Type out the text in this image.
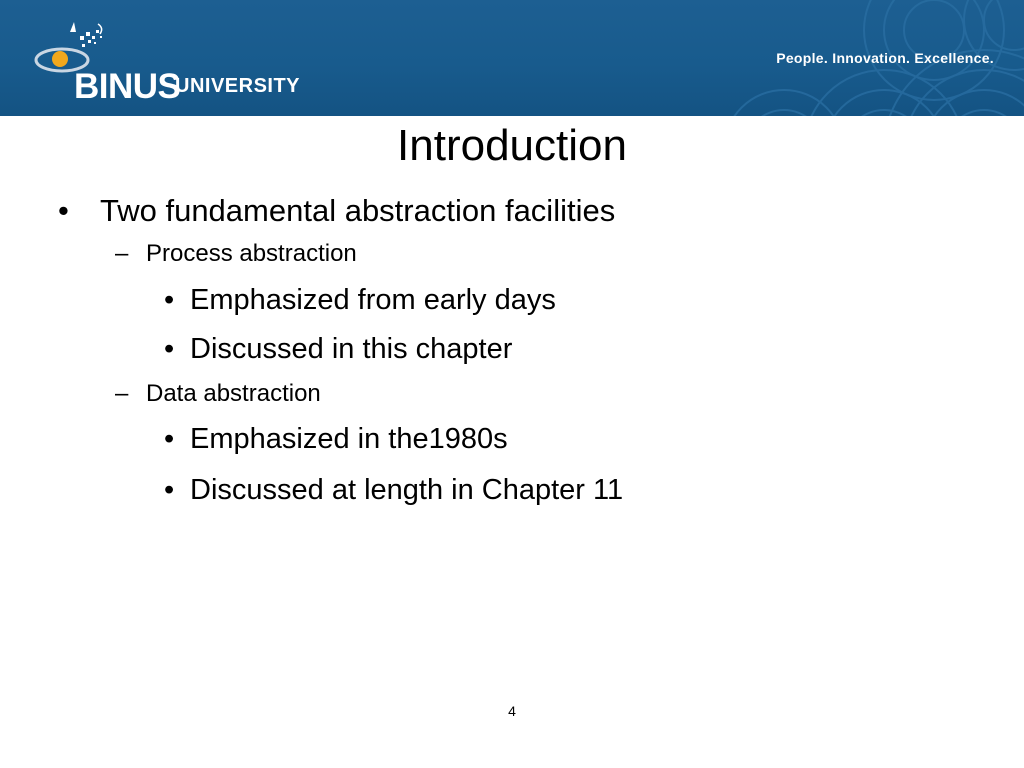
BINUS
UNIVERSITY
People. Innovation. Excellence.
Introduction
• Two fundamental abstraction facilities
– Process abstraction
• Emphasized from early days
• Discussed in this chapter
– Data abstraction
• Emphasized in the1980s
• Discussed at length in Chapter 11
4
